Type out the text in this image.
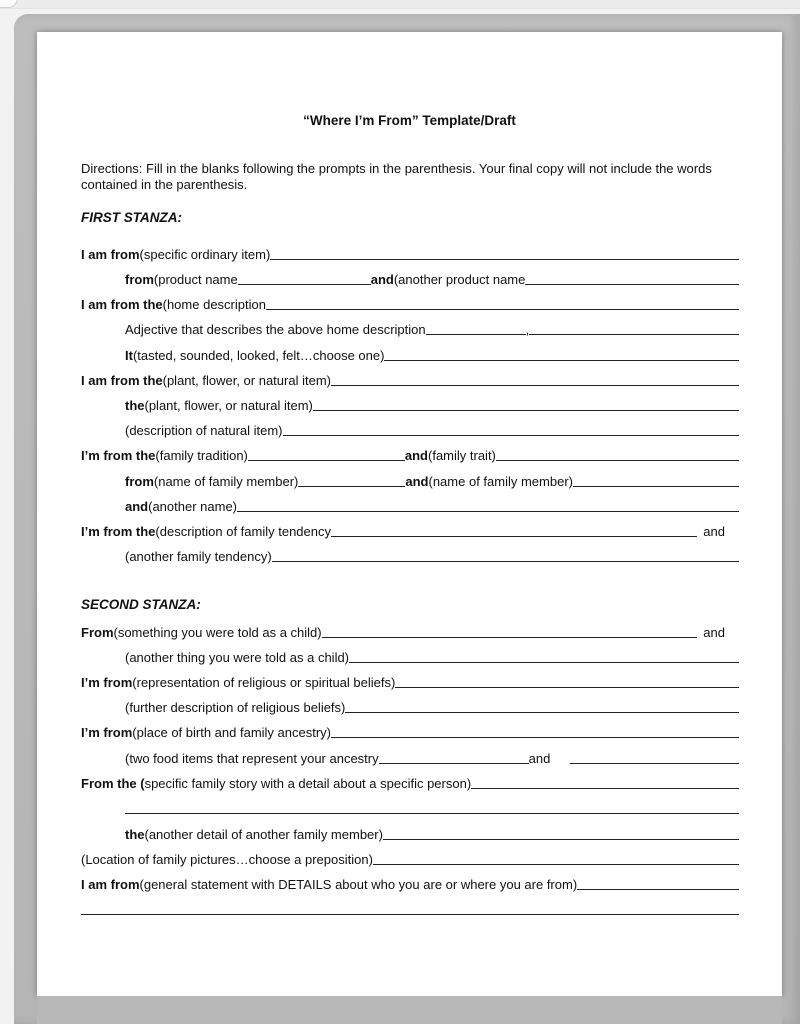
“Where I’m From” Template/Draft
Directions: Fill in the blanks following the prompts in the parenthesis. Your final copy will not include the words contained in the parenthesis.
FIRST STANZA:
I am from (specific ordinary item)
from (product name	and (another product name
I am from the (home description
Adjective that describes the above home description	,
It (tasted, sounded, looked, felt…choose one)
I am from the (plant, flower, or natural item)
the (plant, flower, or natural item)
(description of natural item)
I’m from the (family tradition)	and (family trait)
from (name of family member)	and (name of family member)
and (another name)
I’m from the (description of family tendency	and
(another family tendency)
SECOND STANZA:
From (something you were told as a child)	and
(another thing you were told as a child)
I’m from (representation of religious or spiritual beliefs)
(further description of religious beliefs)
I’m from (place of birth and family ancestry)
(two food items that represent your ancestry	and
From the ( specific family story with a detail about a specific person)
the (another detail of another family member)
(Location of family pictures…choose a preposition)
I am from (general statement with DETAILS about who you are or where you are from)
